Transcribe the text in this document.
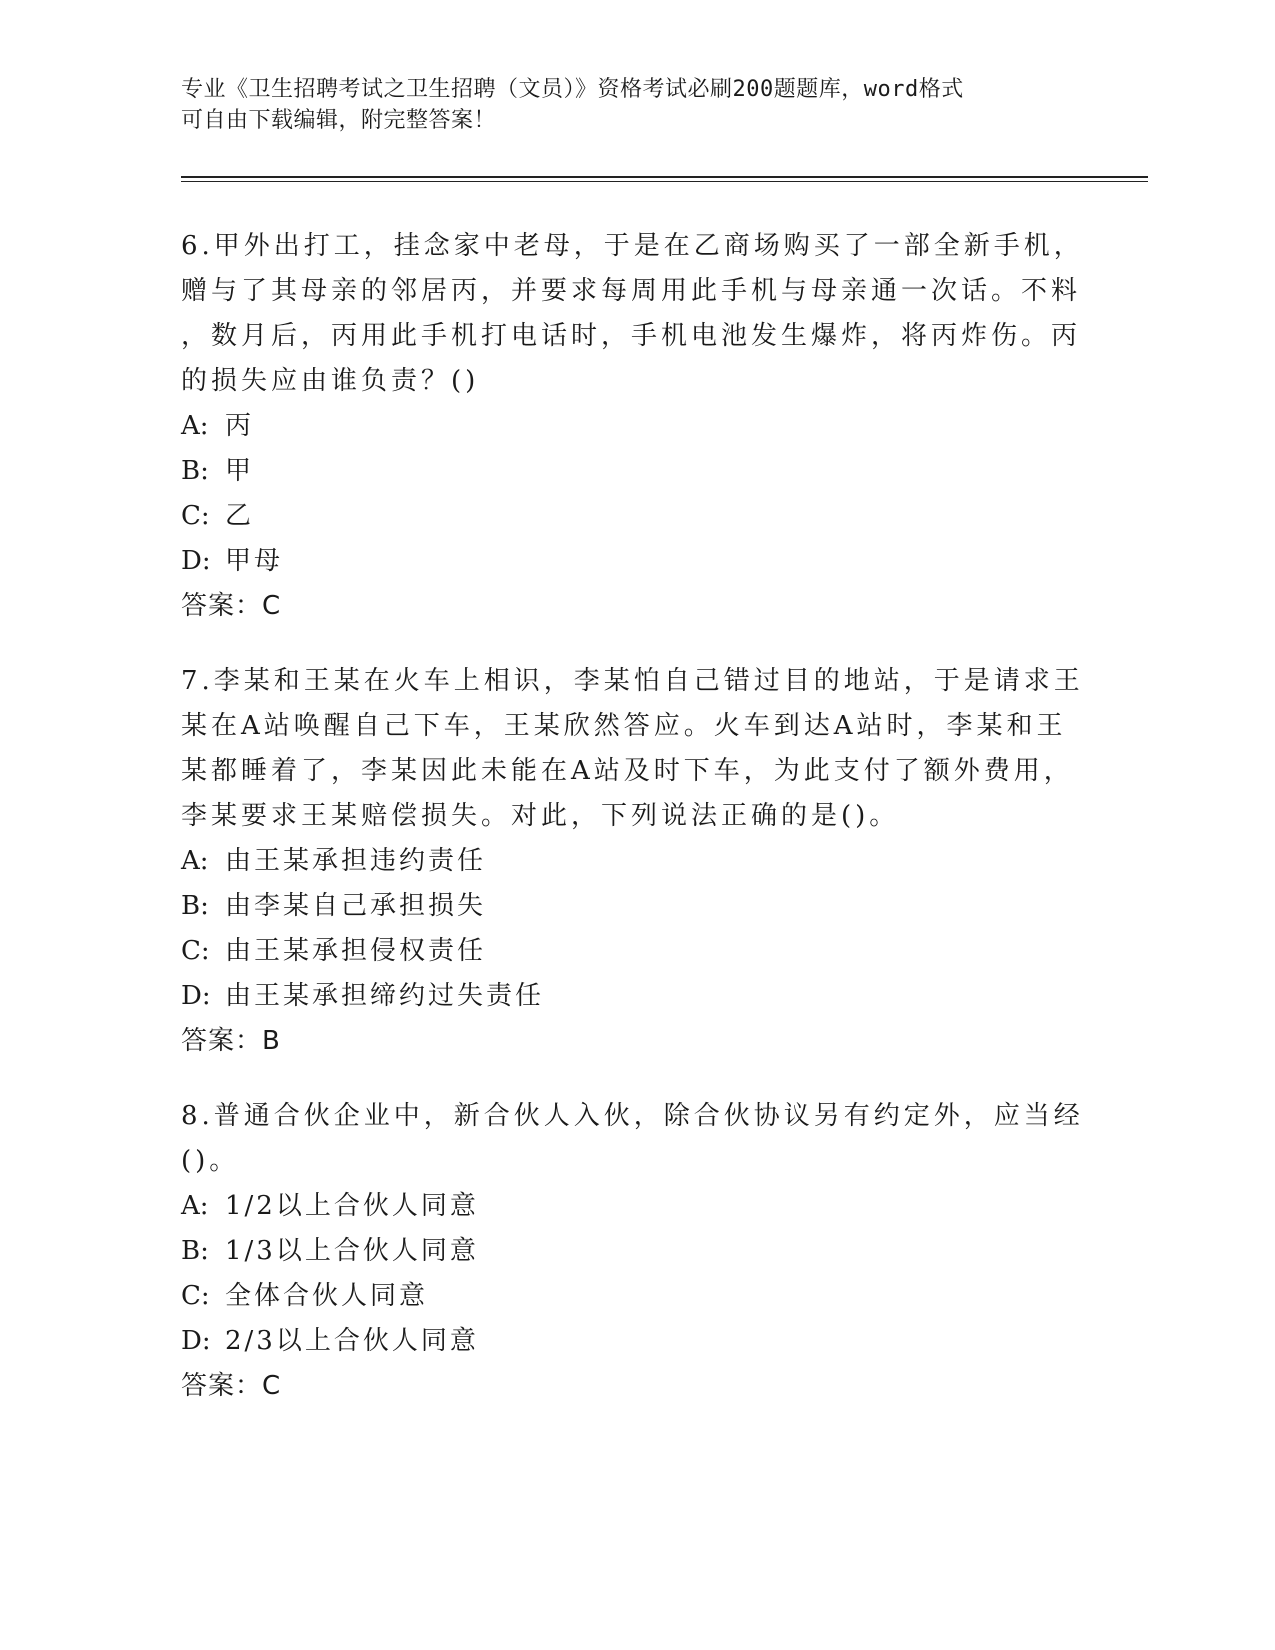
专业《卫生招聘考试之卫生招聘（文员）》资格考试必刷200题题库，word格式
可自由下载编辑，附完整答案！
6.甲外出打工，挂念家中老母，于是在乙商场购买了一部全新手机，
赠与了其母亲的邻居丙，并要求每周用此手机与母亲通一次话。不料
，数月后，丙用此手机打电话时，手机电池发生爆炸，将丙炸伤。丙
的损失应由谁负责？()
A: 丙
B: 甲
C: 乙
D: 甲母
答案：C
7.李某和王某在火车上相识，李某怕自己错过目的地站，于是请求王
某在A站唤醒自己下车，王某欣然答应。火车到达A站时，李某和王
某都睡着了，李某因此未能在A站及时下车，为此支付了额外费用，
李某要求王某赔偿损失。对此，下列说法正确的是()。
A: 由王某承担违约责任
B: 由李某自己承担损失
C: 由王某承担侵权责任
D: 由王某承担缔约过失责任
答案：B
8.普通合伙企业中，新合伙人入伙，除合伙协议另有约定外，应当经
()。
A: 1/2以上合伙人同意
B: 1/3以上合伙人同意
C: 全体合伙人同意
D: 2/3以上合伙人同意
答案：C
